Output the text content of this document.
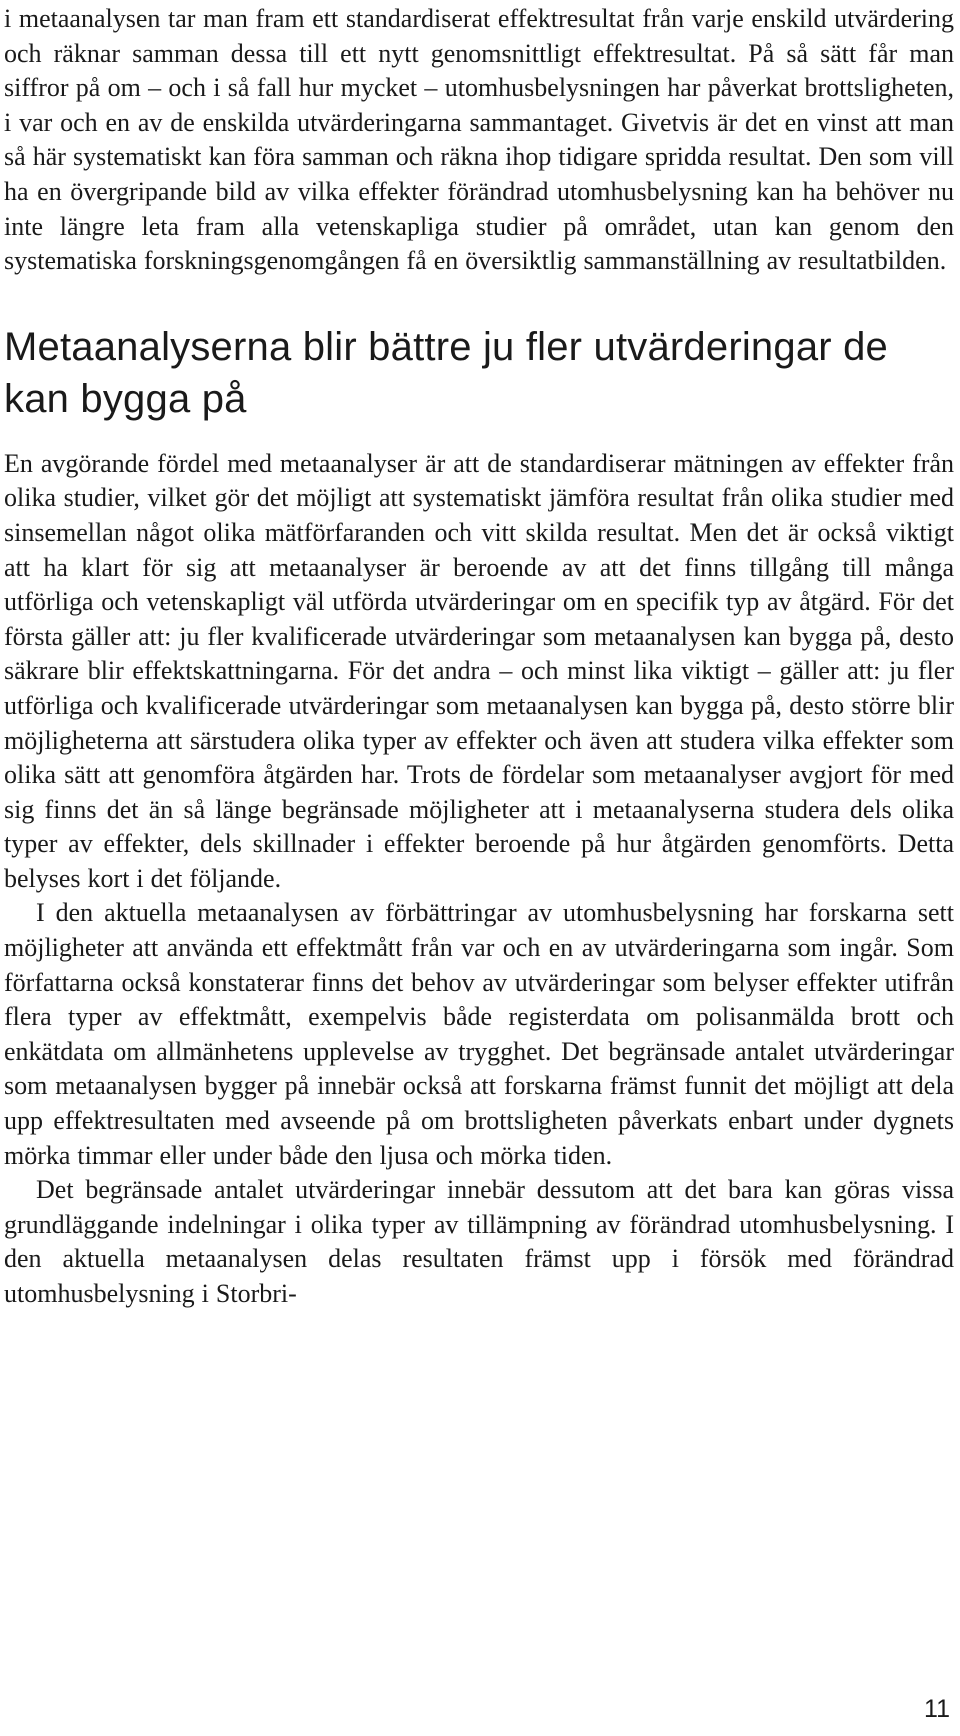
i metaanalysen tar man fram ett standardiserat effektresultat från varje enskild utvärdering och räknar samman dessa till ett nytt genomsnittligt effektresultat. På så sätt får man siffror på om – och i så fall hur mycket – utomhusbelysningen har påverkat brottsligheten, i var och en av de enskilda utvärderingarna sammantaget. Givetvis är det en vinst att man så här systematiskt kan föra samman och räkna ihop tidigare spridda resultat. Den som vill ha en övergripande bild av vilka effekter förändrad utomhusbelysning kan ha behöver nu inte längre leta fram alla vetenskapliga studier på området, utan kan genom den systematiska forskningsgenomgången få en översiktlig sammanställning av resultatbilden.

Metaanalyserna blir bättre ju fler utvärderingar de kan bygga på

En avgörande fördel med metaanalyser är att de standardiserar mätningen av effekter från olika studier, vilket gör det möjligt att systematiskt jämföra resultat från olika studier med sinsemellan något olika mätförfaranden och vitt skilda resultat. Men det är också viktigt att ha klart för sig att metaanalyser är beroende av att det finns tillgång till många utförliga och vetenskapligt väl utförda utvärderingar om en specifik typ av åtgärd. För det första gäller att: ju fler kvalificerade utvärderingar som metaanalysen kan bygga på, desto säkrare blir effektskattningarna. För det andra – och minst lika viktigt – gäller att: ju fler utförliga och kvalificerade utvärderingar som metaanalysen kan bygga på, desto större blir möjligheterna att särstudera olika typer av effekter och även att studera vilka effekter som olika sätt att genomföra åtgärden har. Trots de fördelar som metaanalyser avgjort för med sig finns det än så länge begränsade möjligheter att i metaanalyserna studera dels olika typer av effekter, dels skillnader i effekter beroende på hur åtgärden genomförts. Detta belyses kort i det följande.

I den aktuella metaanalysen av förbättringar av utomhusbelysning har forskarna sett möjligheter att använda ett effektmått från var och en av utvärderingarna som ingår. Som författarna också konstaterar finns det behov av utvärderingar som belyser effekter utifrån flera typer av effektmått, exempelvis både registerdata om polisanmälda brott och enkätdata om allmänhetens upplevelse av trygghet. Det begränsade antalet utvärderingar som metaanalysen bygger på innebär också att forskarna främst funnit det möjligt att dela upp effektresultaten med avseende på om brottsligheten påverkats enbart under dygnets mörka timmar eller under både den ljusa och mörka tiden.

Det begränsade antalet utvärderingar innebär dessutom att det bara kan göras vissa grundläggande indelningar i olika typer av tillämpning av förändrad utomhusbelysning. I den aktuella metaanalysen delas resultaten främst upp i försök med förändrad utomhusbelysning i Storbri-

11
